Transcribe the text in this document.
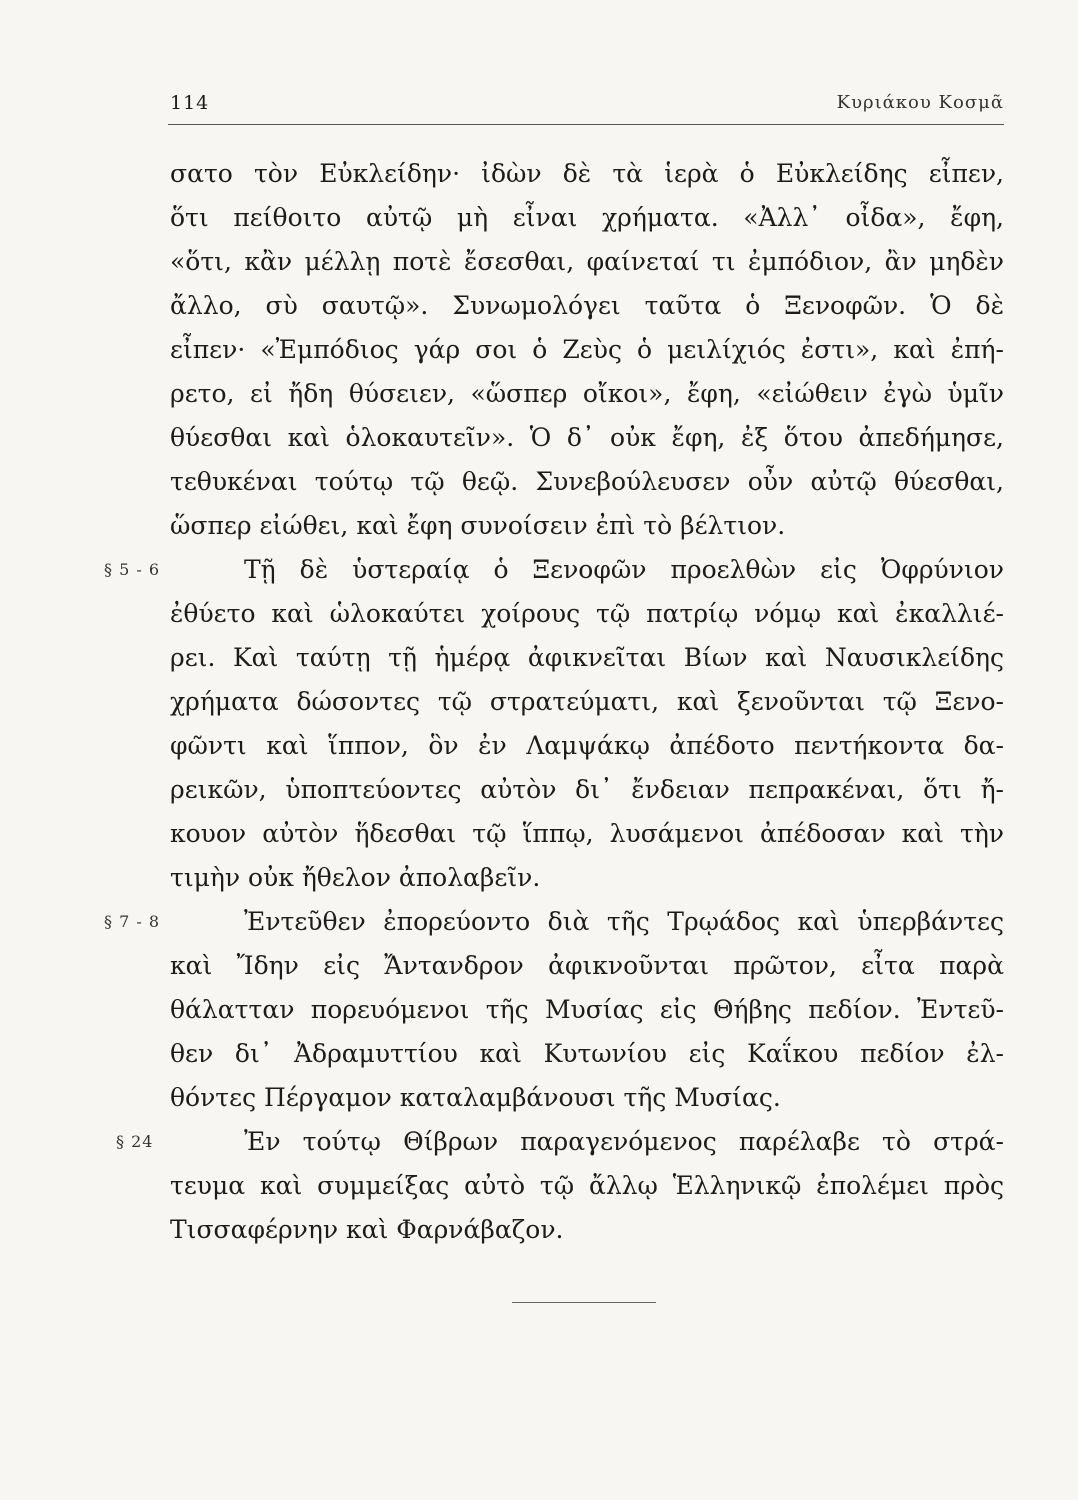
114	Κυριάκου Κοσμᾶ
σατο τὸν Εὐκλείδην· ἰδὼν δὲ τὰ ἱερὰ ὁ Εὐκλείδης εἶπεν,
ὅτι πείθοιτο αὐτῷ μὴ εἶναι χρήματα. «Ἀλλ᾽ οἶδα», ἔφη,
«ὅτι, κἂν μέλλῃ ποτὲ ἔσεσθαι, φαίνεταί τι ἐμπόδιον, ἂν μηδὲν
ἄλλο, σὺ σαυτῷ». Συνωμολόγει ταῦτα ὁ Ξενοφῶν. Ὁ δὲ
εἶπεν· «Ἐμπόδιος γάρ σοι ὁ Ζεὺς ὁ μειλίχιός ἐστι», καὶ ἐπή-
ρετο, εἰ ἤδη θύσειεν, «ὥσπερ οἴκοι», ἔφη, «εἰώθειν ἐγὼ ὑμῖν
θύεσθαι καὶ ὁλοκαυτεῖν». Ὁ δ᾽ οὐκ ἔφη, ἐξ ὅτου ἀπεδήμησε,
τεθυκέναι τούτῳ τῷ θεῷ. Συνεβούλευσεν οὖν αὐτῷ θύεσθαι,
ὥσπερ εἰώθει, καὶ ἔφη συνοίσειν ἐπὶ τὸ βέλτιον.
§ 5 - 6	Τῇ δὲ ὑστεραίᾳ ὁ Ξενοφῶν προελθὼν εἰς Ὀφρύνιον
ἐθύετο καὶ ὡλοκαύτει χοίρους τῷ πατρίῳ νόμῳ καὶ ἐκαλλιέ-
ρει. Καὶ ταύτῃ τῇ ἡμέρᾳ ἀφικνεῖται Βίων καὶ Ναυσικλείδης
χρήματα δώσοντες τῷ στρατεύματι, καὶ ξενοῦνται τῷ Ξενο-
φῶντι καὶ ἵππον, ὃν ἐν Λαμψάκῳ ἀπέδοτο πεντήκοντα δα-
ρεικῶν, ὑποπτεύοντες αὐτὸν δι᾽ ἔνδειαν πεπρακέναι, ὅτι ἤ-
κουον αὐτὸν ἥδεσθαι τῷ ἵππῳ, λυσάμενοι ἀπέδοσαν καὶ τὴν
τιμὴν οὐκ ἤθελον ἀπολαβεῖν.
§ 7 - 8	Ἐντεῦθεν ἐπορεύοντο διὰ τῆς Τρῳάδος καὶ ὑπερβάντες
καὶ Ἴδην εἰς Ἄντανδρον ἀφικνοῦνται πρῶτον, εἶτα παρὰ
θάλατταν πορευόμενοι τῆς Μυσίας εἰς Θήβης πεδίον. Ἐντεῦ-
θεν δι᾽ Ἀδραμυττίου καὶ Κυτωνίου εἰς Καΐκου πεδίον ἐλ-
θόντες Πέργαμον καταλαμβάνουσι τῆς Μυσίας.
§ 24	Ἐν τούτῳ Θίβρων παραγενόμενος παρέλαβε τὸ στρά-
τευμα καὶ συμμείξας αὐτὸ τῷ ἄλλῳ Ἑλληνικῷ ἐπολέμει πρὸς
Τισσαφέρνην καὶ Φαρνάβαζον.
